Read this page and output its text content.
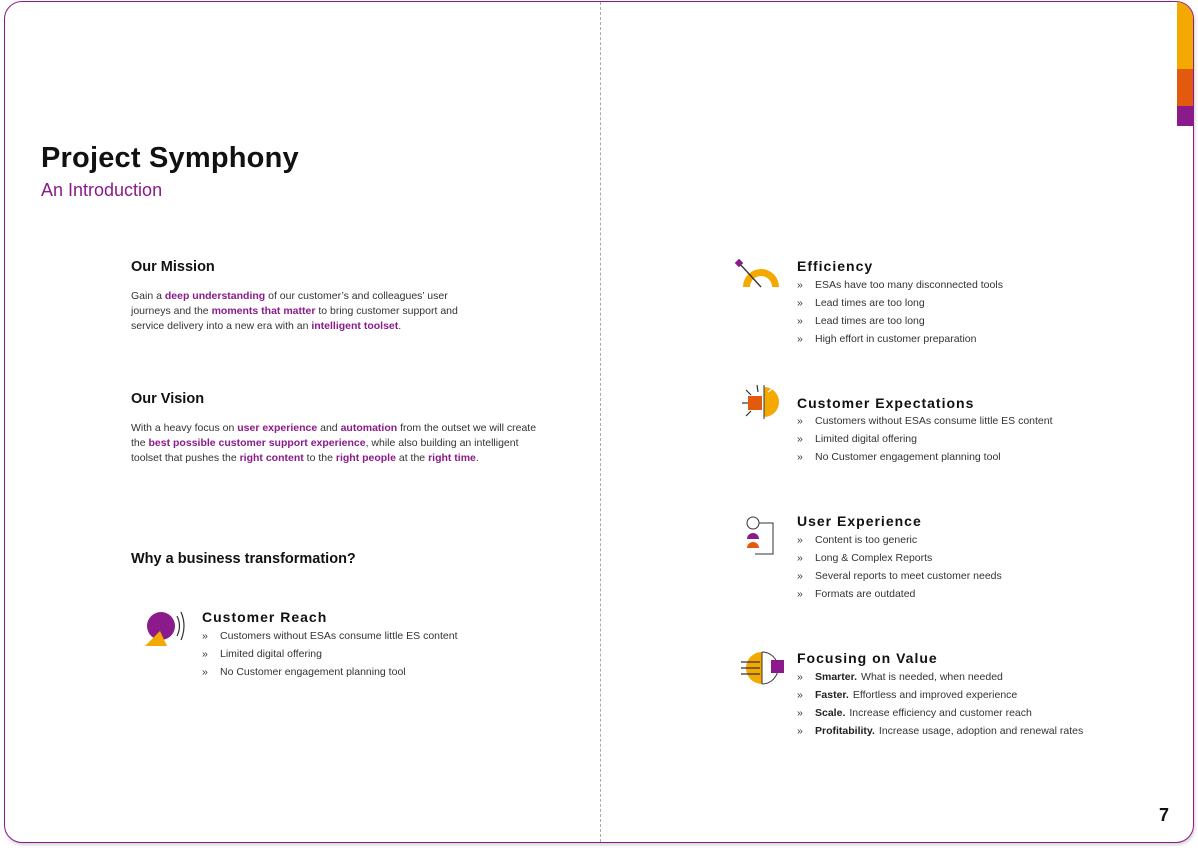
Project Symphony
An Introduction
Our Mission
Gain a deep understanding of our customer’s and colleagues’ user journeys and the moments that matter to bring customer support and service delivery into a new era with an intelligent toolset.
Our Vision
With a heavy focus on user experience and automation from the outset we will create the best possible customer support experience, while also building an intelligent toolset that pushes the right content to the right people at the right time.
Why a business transformation?
Customer Reach
» Customers without ESAs consume little ES content
» Limited digital offering
» No Customer engagement planning tool
Efficiency
» ESAs have too many disconnected tools
» Lead times are too long
» Lead times are too long
» High effort in customer preparation
Customer Expectations
» Customers without ESAs consume little ES content
» Limited digital offering
» No Customer engagement planning tool
User Experience
» Content is too generic
» Long & Complex Reports
» Several reports to meet customer needs
» Formats are outdated
Focusing on Value
» Smarter. What is needed, when needed
» Faster. Effortless and improved experience
» Scale. Increase efficiency and customer reach
» Profitability. Increase usage, adoption and renewal rates
7
